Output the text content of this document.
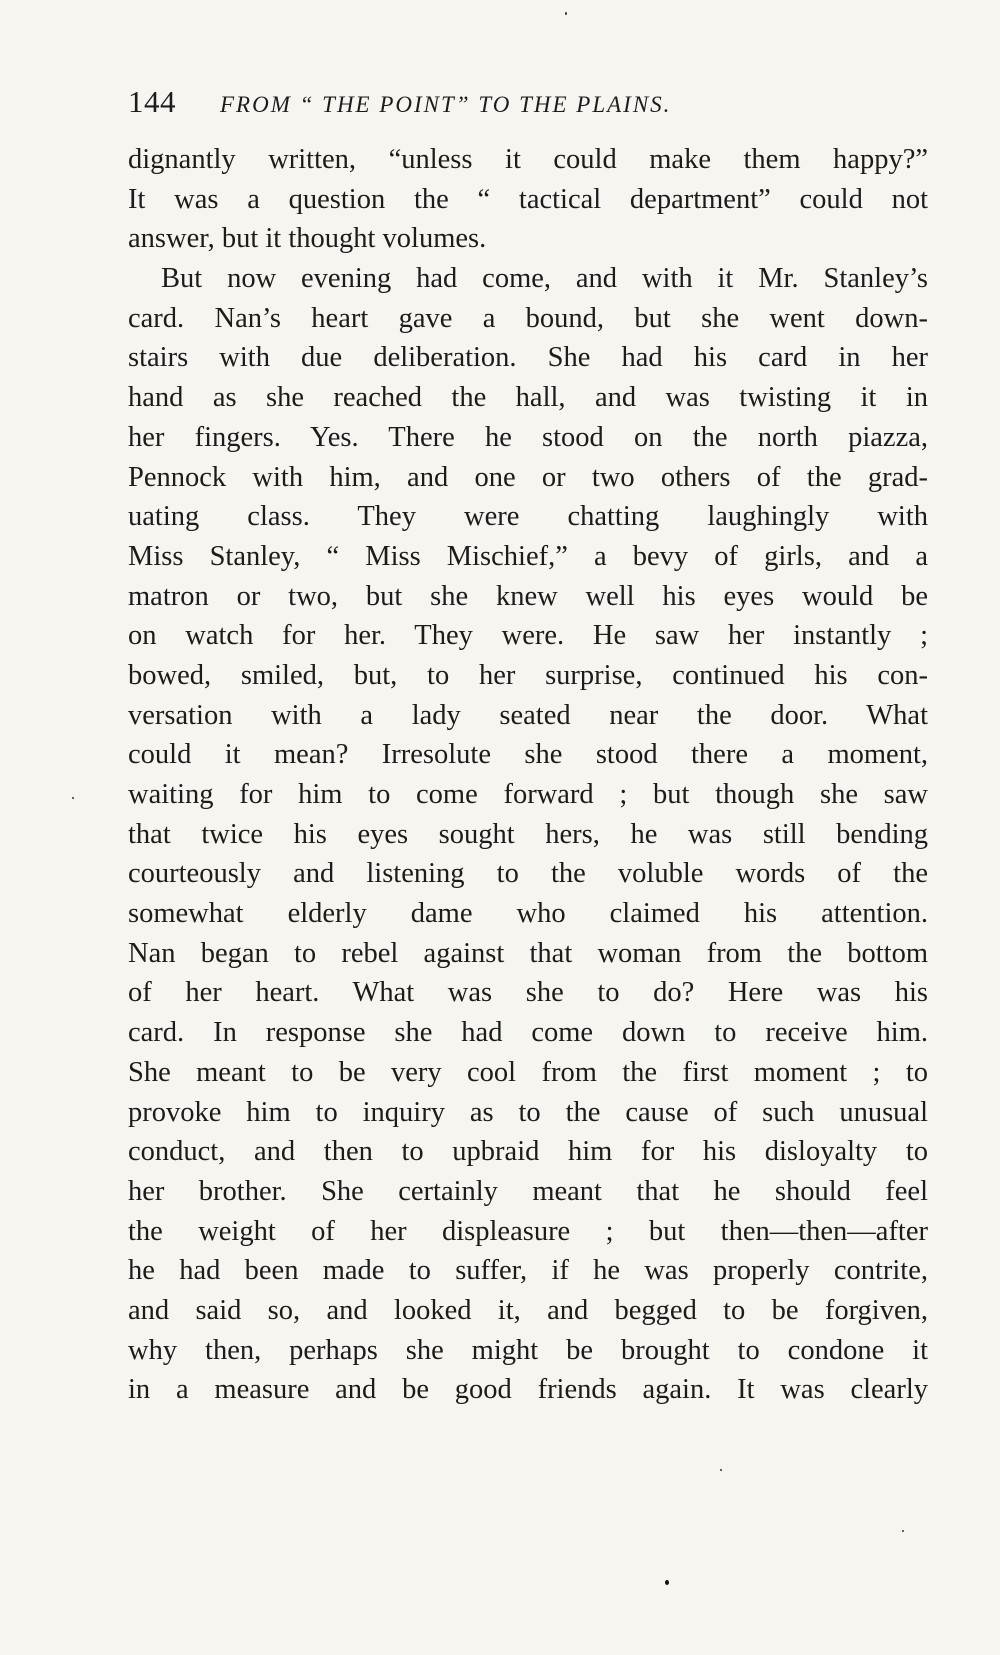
144 FROM “ THE POINT” TO THE PLAINS.
dignantly written, “unless it could make them happy?”
It was a question the “ tactical department” could not
answer, but it thought volumes.
But now evening had come, and with it Mr. Stanley’s
card. Nan’s heart gave a bound, but she went down-
stairs with due deliberation. She had his card in her
hand as she reached the hall, and was twisting it in
her fingers. Yes. There he stood on the north piazza,
Pennock with him, and one or two others of the grad-
uating class. They were chatting laughingly with
Miss Stanley, “ Miss Mischief,” a bevy of girls, and a
matron or two, but she knew well his eyes would be
on watch for her. They were. He saw her instantly ;
bowed, smiled, but, to her surprise, continued his con-
versation with a lady seated near the door. What
could it mean? Irresolute she stood there a moment,
waiting for him to come forward ; but though she saw
that twice his eyes sought hers, he was still bending
courteously and listening to the voluble words of the
somewhat elderly dame who claimed his attention.
Nan began to rebel against that woman from the bottom
of her heart. What was she to do? Here was his
card. In response she had come down to receive him.
She meant to be very cool from the first moment ; to
provoke him to inquiry as to the cause of such unusual
conduct, and then to upbraid him for his disloyalty to
her brother. She certainly meant that he should feel
the weight of her displeasure ; but then—then—after
he had been made to suffer, if he was properly contrite,
and said so, and looked it, and begged to be forgiven,
why then, perhaps she might be brought to condone it
in a measure and be good friends again. It was clearly
